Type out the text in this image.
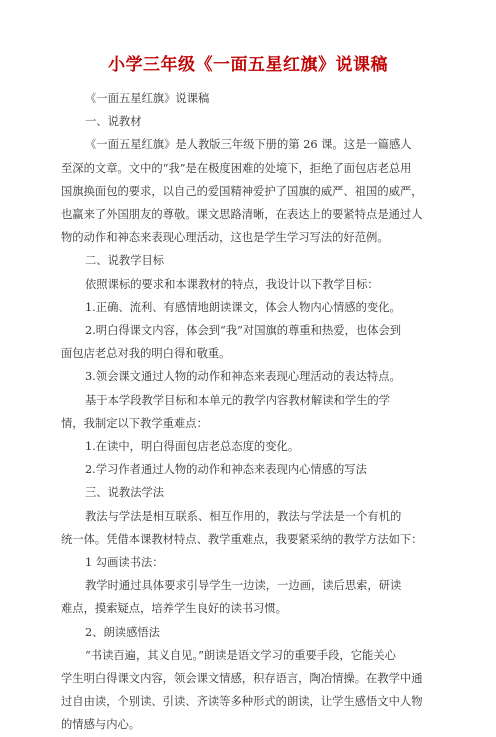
小学三年级《一面五星红旗》说课稿

《一面五星红旗》说课稿

一、说教材

《一面五星红旗》是人教版三年级下册的第 26 课。这是一篇感人

至深的文章。文中的“我”是在极度困难的处境下，拒绝了面包店老总用

国旗换面包的要求，以自己的爱国精神爱护了国旗的威严、祖国的威严，

也赢来了外国朋友的尊敬。课文思路清晰，在表达上的要紧特点是通过人

物的动作和神态来表现心理活动，这也是学生学习写法的好范例。

二、说教学目标

依照课标的要求和本课教材的特点，我设计以下教学目标：

1.正确、流利、有感情地朗读课文，体会人物内心情感的变化。

2.明白得课文内容，体会到“我”对国旗的尊重和热爱，也体会到

面包店老总对我的明白得和敬重。

3.领会课文通过人物的动作和神态来表现心理活动的表达特点。

基于本学段教学目标和本单元的教学内容教材解读和学生的学

情，我制定以下教学重难点：

1.在读中，明白得面包店老总态度的变化。

2.学习作者通过人物的动作和神态来表现内心情感的写法

三、说教法学法

教法与学法是相互联系、相互作用的，教法与学法是一个有机的

统一体。凭借本课教材特点、教学重难点，我要紧采纳的教学方法如下：

1 勾画读书法：

教学时通过具体要求引导学生一边读，一边画，读后思索，研读

难点，摸索疑点，培养学生良好的读书习惯。

2、朗读感悟法

“书读百遍，其义自见。”朗读是语文学习的重要手段，它能关心

学生明白得课文内容，领会课文情感，积存语言，陶冶情操。在教学中通

过自由读，个别读、引读、齐读等多种形式的朗读，让学生感悟文中人物

的情感与内心。
